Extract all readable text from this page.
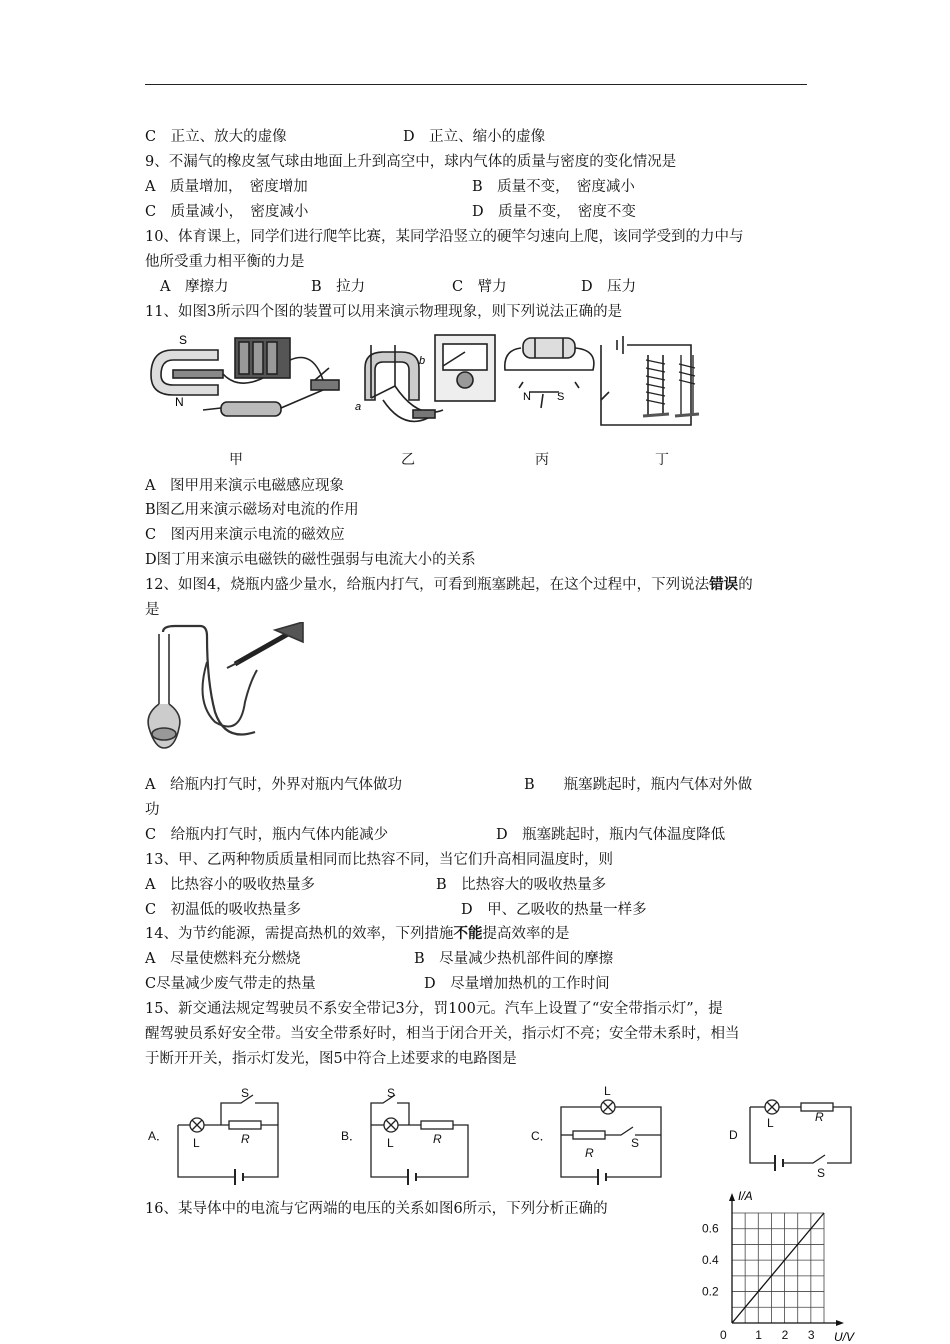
C　正立、放大的虚像	D　正立、缩小的虚像
9、不漏气的橡皮氢气球由地面上升到高空中，球内气体的质量与密度的变化情况是
A　质量增加，　密度增加	B　质量不变，　密度减小
C　质量减小，　密度减小	D　质量不变，　密度不变
10、体育课上，同学们进行爬竿比赛，某同学沿竖立的硬竿匀速向上爬，该同学受到的力中与
他所受重力相平衡的力是
A　摩擦力	B　拉力	C　臂力	D　压力
11、如图3所示四个图的装置可以用来演示物理现象，则下列说法正确的是
S
N	a
b
N S
甲	乙	丙	丁
A　图甲用来演示电磁感应现象
B图乙用来演示磁场对电流的作用
C　图丙用来演示电流的磁效应
D图丁用来演示电磁铁的磁性强弱与电流大小的关系
12、如图4，烧瓶内盛少量水，给瓶内打气，可看到瓶塞跳起，在这个过程中，下列说法错误的
是
A　给瓶内打气时，外界对瓶内气体做功	B　　瓶塞跳起时，瓶内气体对外做
功
C　给瓶内打气时，瓶内气体内能减少	D　瓶塞跳起时，瓶内气体温度降低
13、甲、乙两种物质质量相同而比热容不同，当它们升高相同温度时，则
A　比热容小的吸收热量多	B　比热容大的吸收热量多
C　初温低的吸收热量多	D　甲、乙吸收的热量一样多
14、为节约能源，需提高热机的效率，下列措施不能提高效率的是
A　尽量使燃料充分燃烧	B　尽量减少热机部件间的摩擦
C尽量减少废气带走的热量	D　尽量增加热机的工作时间
15、新交通法规定驾驶员不系安全带记3分，罚100元。汽车上设置了“安全带指示灯”，提
醒驾驶员系好安全带。当安全带系好时，相当于闭合开关，指示灯不亮；安全带未系时，相当
于断开开关，指示灯发光，图5中符合上述要求的电路图是
A． L	R
S
B． L	R
S
C．
L
R
S
D
L	R
S
16、某导体中的电流与它两端的电压的关系如图6所示，下列分析正确的
0 1 2 3
0.2
0.4
0.6
I/A
U/V
